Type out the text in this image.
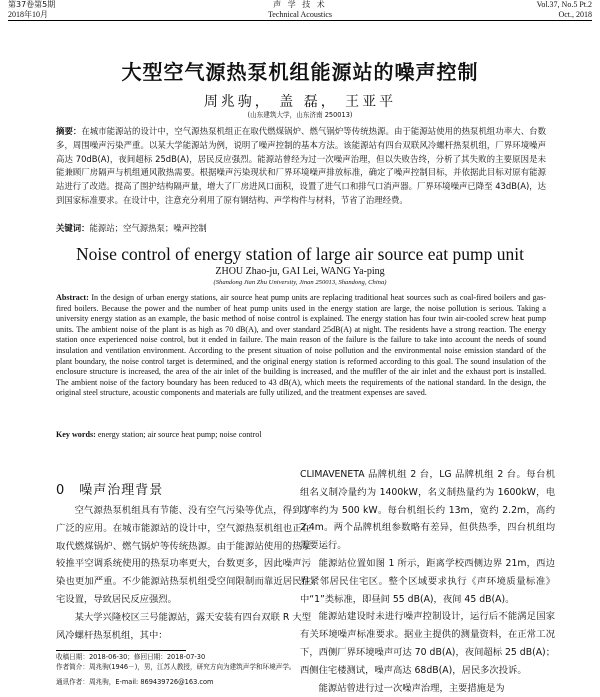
第37卷第5期	声 学 技 术	Vol.37, No.5 Pt.2
2018年10月	Technical Acoustics	Oct., 2018
大型空气源热泵机组能源站的噪声控制
周兆驹， 盖 磊， 王亚平
(山东建筑大学，山东济南 250013)
摘要：在城市能源站的设计中，空气源热泵机组正在取代燃煤锅炉、燃气锅炉等传统热源。由于能源站使用的热泵机组功率大、台数多，周围噪声污染严重。以某大学能源站为例，说明了噪声控制的基本方法。该能源站有四台双联风冷螺杆热泵机组，厂界环境噪声高达 70dB(A)，夜间超标 25dB(A)，居民反应强烈。能源站曾经为过一次噪声治理，但以失败告终，分析了其失败的主要原因是未能兼顾厂房隔声与机组通风散热需要。根据噪声污染现状和厂界环境噪声排放标准，确定了噪声控制目标，并依据此目标对原有能源站进行了改造。提高了围护结构隔声量，增大了厂房进风口面积，设置了进气口和排气口消声器。厂界环境噪声已降至 43dB(A)，达到国家标准要求。在设计中，注意充分利用了原有钢结构、声学构件与材料，节省了治理经费。
关键词：能源站；空气源热泵；噪声控制
Noise control of energy station of large air source eat pump unit
ZHOU Zhao-ju, GAI Lei, WANG Ya-ping
(Shandong Jian Zhu University, Jinan 250013, Shandong, China)
Abstract: In the design of urban energy stations, air source heat pump units are replacing traditional heat sources such as coal-fired boilers and gas-fired boilers. Because the power and the number of heat pump units used in the energy station are large, the noise pollution is serious. Taking a university energy station as an example, the basic method of noise control is explained. The energy station has four twin air-cooled screw heat pump units. The ambient noise of the plant is as high as 70 dB(A), and over standard 25dB(A) at night. The residents have a strong reaction. The energy station once experienced noise control, but it ended in failure. The main reason of the failure is the failure to take into account the needs of sound insulation and ventilation environment. According to the present situation of noise pollution and the environmental noise emission standard of the plant boundary, the noise control target is determined, and the original energy station is reformed according to this goal. The sound insulation of the enclosure structure is increased, the area of the air inlet of the building is increased, and the muffler of the air inlet and the exhaust port is installed. The ambient noise of the factory boundary has been reduced to 43 dB(A), which meets the requirements of the national standard. In the design, the original steel structure, acoustic components and materials are fully utilized, and the treatment expenses are saved.
Key words: energy station; air source heat pump; noise control
0　噪声治理背景

空气源热泵机组具有节能、没有空气污染等优点，得到了广泛的应用。在城市能源站的设计中，空气源热泵机组也正在取代燃煤锅炉、燃气锅炉等传统热源。由于能源站使用的热泵较推平空调系统使用的热泵功率更大，台数更多，因此噪声污染也更加严重。不少能源站热泵机组受空间限制而靠近居民住宅设置，导致居民反应强烈。

某大学兴隆校区三号能源站，露天安装有四台双联 R 大型风冷螺杆热泵机组，其中：

收稿日期：2018-06-30；修回日期：2018-07-30
作者简介：周兆驹(1946－)，男，江苏人教授，研究方向为建筑声学和环境声学。
通讯作者：周兆驹，E-mail: 869439726@163.com

CLIMAVENETA 品牌机组 2 台，LG 品牌机组 2 台。每台机组名义制冷量约为 1400kW，名义制热量约为 1600kW，电功率约为 500 kW。每台机组长约 13m，宽约 2.2m，高约 2.4m。两个品牌机组参数略有差异，但供热季，四台机组均需要运行。

能源站位置如图 1 所示，距离学校西侧边界 21m，西边界紧邻居民住宅区。整个区域要求执行《声环境质量标准》中“1”类标准，即昼间 55 dB(A)，夜间 45 dB(A)。

能源站建设时未进行噪声控制设计，运行后不能满足国家有关环境噪声标准要求。据业主提供的测量资料，在正常工况下，西侧厂界环境噪声可达 70 dB(A)，夜间超标 25 dB(A)；西侧住宅楼测试，噪声高达 68dB(A)，居民多次投诉。

能源站曾进行过一次噪声治理，主要措施是为
